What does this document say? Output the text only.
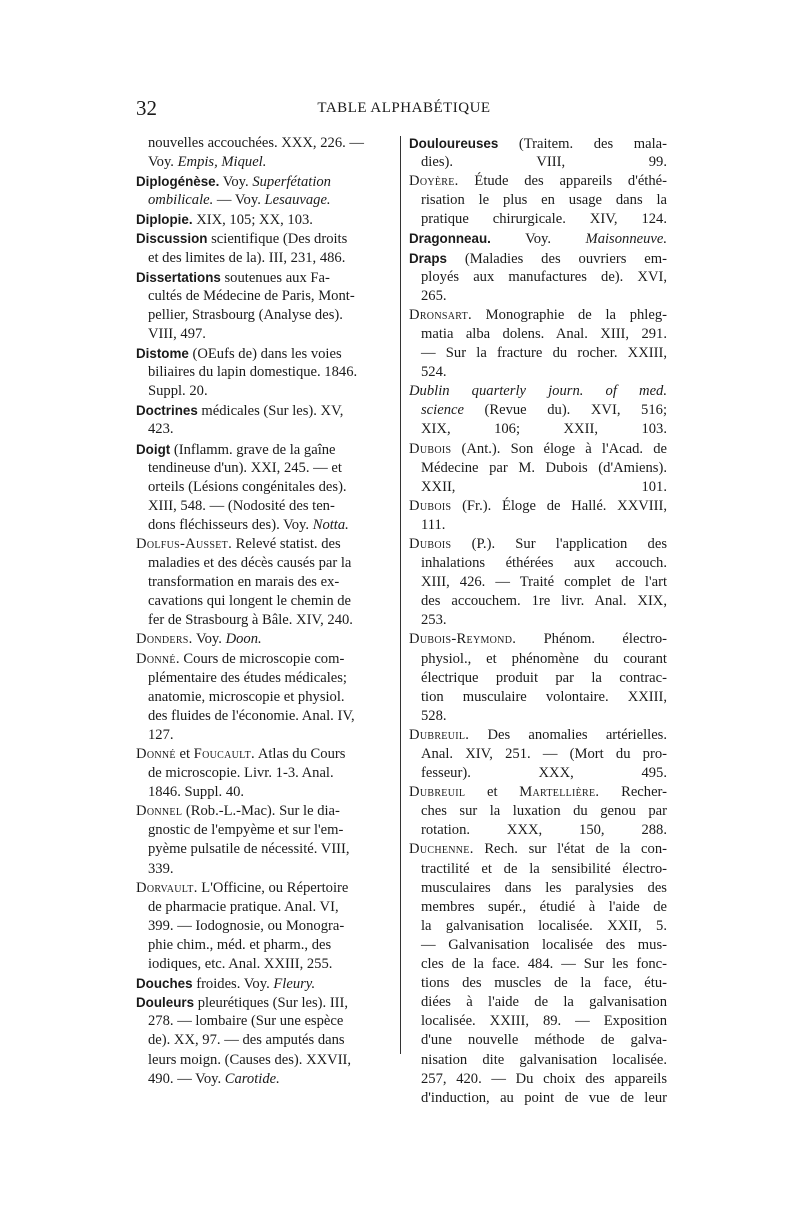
32	TABLE ALPHABÉTIQUE
nouvelles accouchées. XXX, 226. —
Voy. Empis, Miquel.
Diplogénèse. Voy. Superfétation
ombilicale. — Voy. Lesauvage.
Diplopie. XIX, 105; XX, 103.
Discussion scientifique (Des droits
et des limites de la). III, 231, 486.
Dissertations soutenues aux Fa-
cultés de Médecine de Paris, Mont-
pellier, Strasbourg (Analyse des).
VIII, 497.
Distome (OEufs de) dans les voies
biliaires du lapin domestique. 1846.
Suppl. 20.
Doctrines médicales (Sur les). XV,
423.
Doigt (Inflamm. grave de la gaîne
tendineuse d'un). XXI, 245. — et
orteils (Lésions congénitales des).
XIII, 548. — (Nodosité des ten-
dons fléchisseurs des). Voy. Notta.
Dolfus-Ausset. Relevé statist. des
maladies et des décès causés par la
transformation en marais des ex-
cavations qui longent le chemin de
fer de Strasbourg à Bâle. XIV, 240.
Donders. Voy. Doon.
Donné. Cours de microscopie com-
plémentaire des études médicales;
anatomie, microscopie et physiol.
des fluides de l'économie. Anal. IV,
127.
Donné et Foucault. Atlas du Cours
de microscopie. Livr. 1-3. Anal.
1846. Suppl. 40.
Donnel (Rob.-L.-Mac). Sur le dia-
gnostic de l'empyème et sur l'em-
pyème pulsatile de nécessité. VIII,
339.
Dorvault. L'Officine, ou Répertoire
de pharmacie pratique. Anal. VI,
399. — Iodognosie, ou Monogra-
phie chim., méd. et pharm., des
iodiques, etc. Anal. XXIII, 255.
Douches froides. Voy. Fleury.
Douleurs pleurétiques (Sur les). III,
278. — lombaire (Sur une espèce
de). XX, 97. — des amputés dans
leurs moign. (Causes des). XXVII,
490. — Voy. Carotide.
Douloureuses (Traitem. des mala-
dies). VIII, 99.
Doyère. Étude des appareils d'éthé-
risation le plus en usage dans la
pratique chirurgicale. XIV, 124.
Dragonneau. Voy. Maisonneuve.
Draps (Maladies des ouvriers em-
ployés aux manufactures de). XVI,
265.
Dronsart. Monographie de la phleg-
matia alba dolens. Anal. XIII, 291.
— Sur la fracture du rocher. XXIII,
524.
Dublin quarterly journ. of med.
science (Revue du). XVI, 516;
XIX, 106; XXII, 103.
Dubois (Ant.). Son éloge à l'Acad. de
Médecine par M. Dubois (d'Amiens).
XXII, 101.
Dubois (Fr.). Éloge de Hallé. XXVIII,
111.
Dubois (P.). Sur l'application des
inhalations éthérées aux accouch.
XIII, 426. — Traité complet de l'art
des accouchem. 1re livr. Anal. XIX,
253.
Dubois-Reymond. Phénom. électro-
physiol., et phénomène du courant
électrique produit par la contrac-
tion musculaire volontaire. XXIII,
528.
Dubreuil. Des anomalies artérielles.
Anal. XIV, 251. — (Mort du pro-
fesseur). XXX, 495.
Dubreuil et Martellière. Recher-
ches sur la luxation du genou par
rotation. XXX, 150, 288.
Duchenne. Rech. sur l'état de la con-
tractilité et de la sensibilité électro-
musculaires dans les paralysies des
membres supér., étudié à l'aide de
la galvanisation localisée. XXII, 5.
— Galvanisation localisée des mus-
cles de la face. 484. — Sur les fonc-
tions des muscles de la face, étu-
diées à l'aide de la galvanisation
localisée. XXIII, 89. — Exposition
d'une nouvelle méthode de galva-
nisation dite galvanisation localisée.
257, 420. — Du choix des appareils
d'induction, au point de vue de leur
